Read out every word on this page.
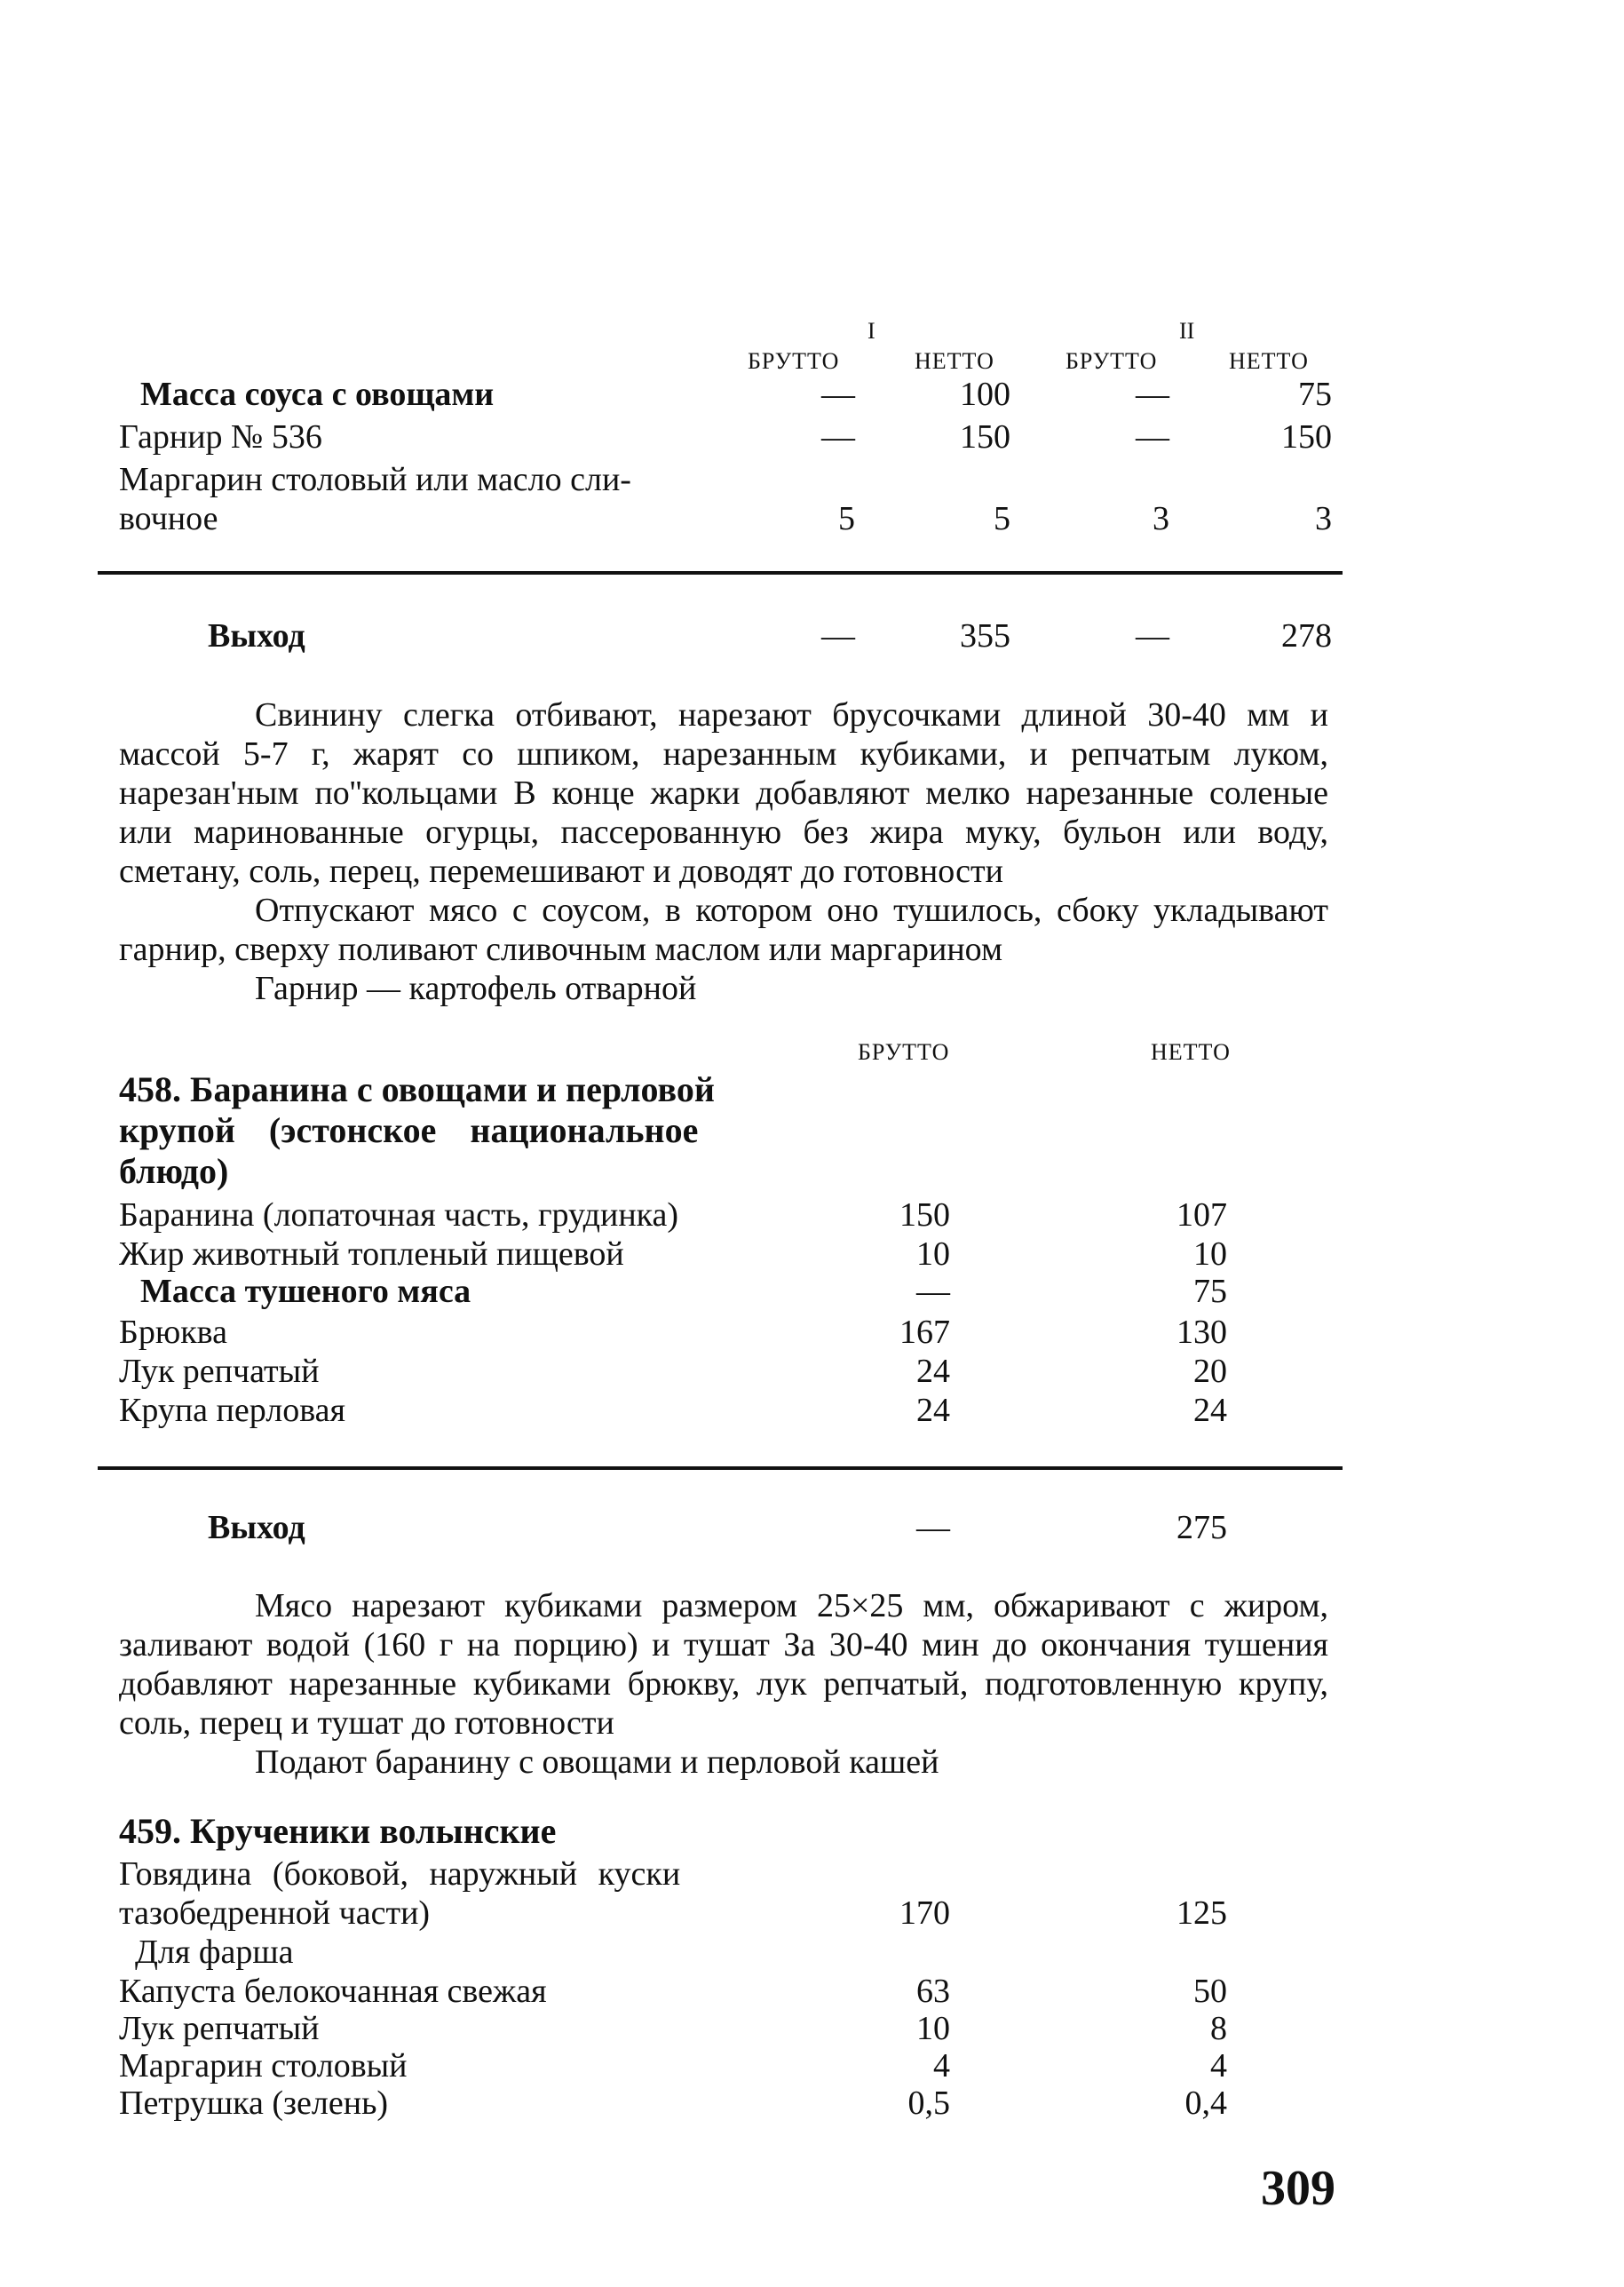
I	II
БРУТТО	НЕТТО	БРУТТО	НЕТТО
Масса соуса с овощами	—	100	—	75
Гарнир № 536	—	150	—	150
Маргарин столовый или масло сли-
вочное	5	5	3	3
Выход	—	355	—	278

Свинину слегка отбивают, нарезают брусочками длиной 30-40 мм и массой 5-7 г, жарят со шпиком, нарезанным кубиками, и репчатым луком, нарезан'ным по''кольцами В конце жарки добавляют мелко нарезанные соленые или маринованные огурцы, пассерованную без жира муку, бульон или воду, сметану, соль, перец, перемешивают и доводят до готовности

Отпускают мясо с соусом, в котором оно тушилось, сбоку укладывают гарнир, сверху поливают сливочным маслом или маргарином

Гарнир — картофель отварной

БРУТТО	НЕТТО
458. Баранина с овощами и перловой
крупой (эстонское национальное
блюдо)
Баранина (лопаточная часть, грудинка)	150	107
Жир животный топленый пищевой	10	10
Масса тушеного мяса	—	75
Брюква	167	130
Лук репчатый	24	20
Крупа перловая	24	24
Выход	—	275

Мясо нарезают кубиками размером 25×25 мм, обжаривают с жиром, заливают водой (160 г на порцию) и тушат За 30-40 мин до окончания тушения добавляют нарезанные кубиками брюкву, лук репчатый, подготовленную крупу, соль, перец и тушат до готовности

Подают баранину с овощами и перловой кашей

459. Кручeники волынские
Говядина (боковой, наружный куски
тазобедренной части)	170	125
Для фарша
Капуста белокочанная свежая	63	50
Лук репчатый	10	8
Маргарин столовый	4	4
Петрушка (зелень)	0,5	0,4
309
